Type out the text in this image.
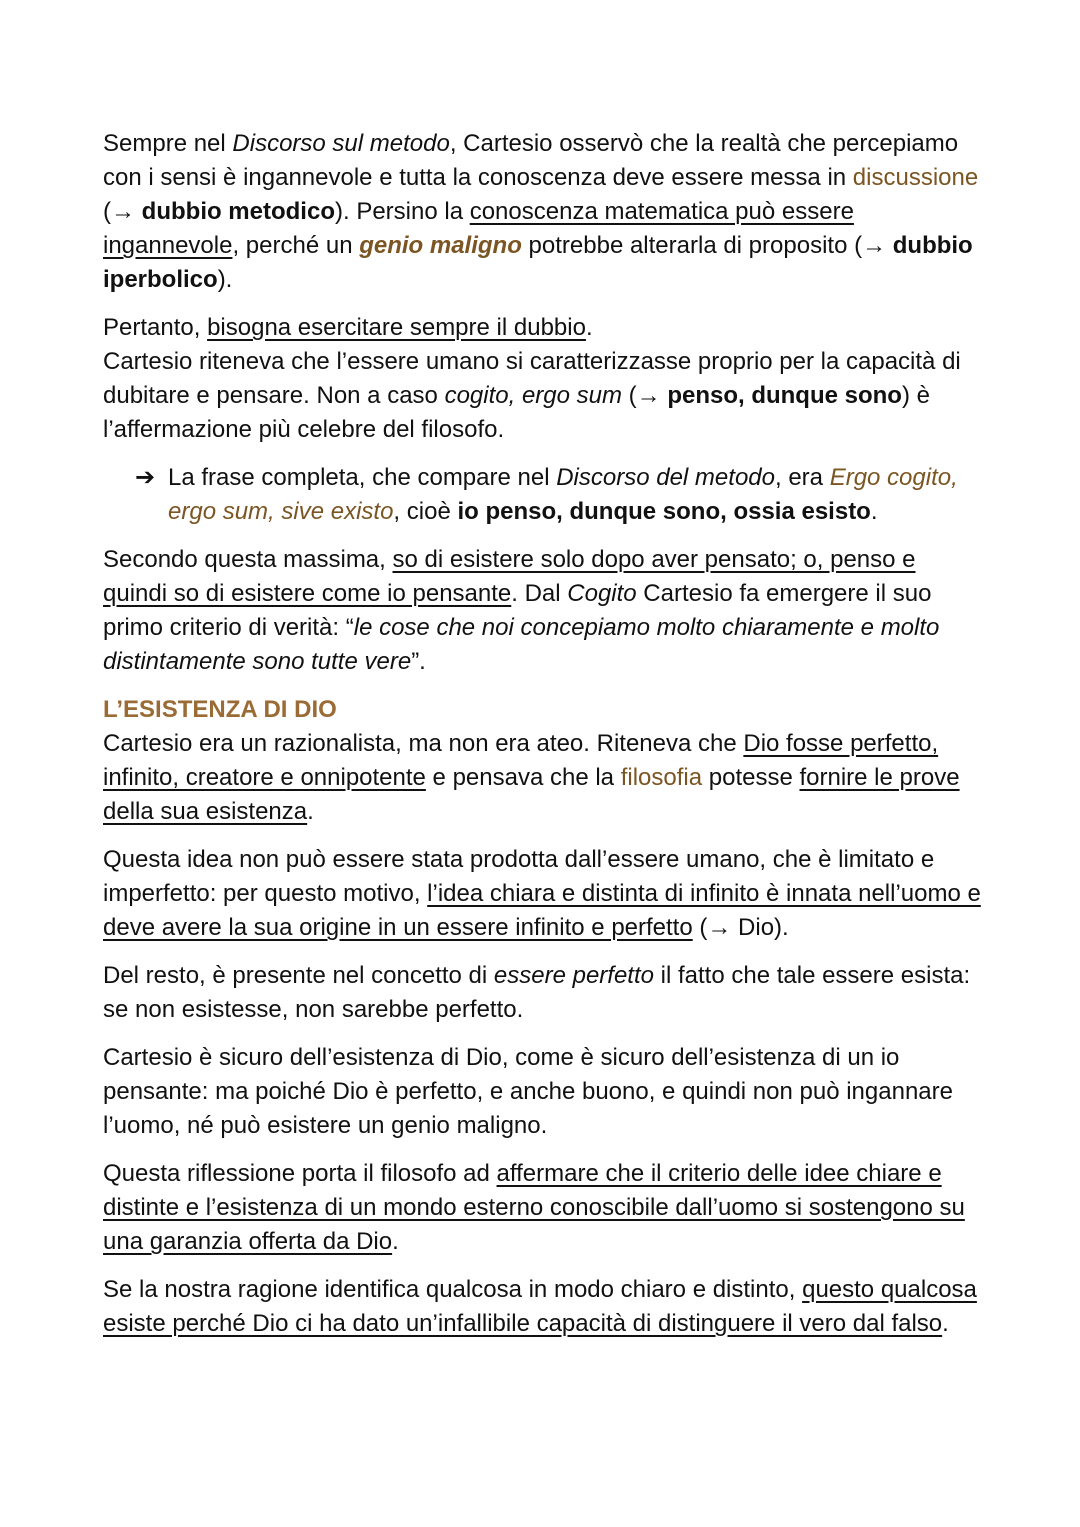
Sempre nel Discorso sul metodo, Cartesio osservò che la realtà che percepiamo con i sensi è ingannevole e tutta la conoscenza deve essere messa in discussione (→ dubbio metodico). Persino la conoscenza matematica può essere ingannevole, perché un genio maligno potrebbe alterarla di proposito (→ dubbio iperbolico).

Pertanto, bisogna esercitare sempre il dubbio.

Cartesio riteneva che l’essere umano si caratterizzasse proprio per la capacità di dubitare e pensare. Non a caso cogito, ergo sum (→ penso, dunque sono) è l’affermazione più celebre del filosofo.

➔ La frase completa, che compare nel Discorso del metodo, era Ergo cogito, ergo sum, sive existo, cioè io penso, dunque sono, ossia esisto.

Secondo questa massima, so di esistere solo dopo aver pensato; o, penso e quindi so di esistere come io pensante. Dal Cogito Cartesio fa emergere il suo primo criterio di verità: “le cose che noi concepiamo molto chiaramente e molto distintamente sono tutte vere”.

L’ESISTENZA DI DIO

Cartesio era un razionalista, ma non era ateo. Riteneva che Dio fosse perfetto, infinito, creatore e onnipotente e pensava che la filosofia potesse fornire le prove della sua esistenza.

Questa idea non può essere stata prodotta dall’essere umano, che è limitato e imperfetto: per questo motivo, l’idea chiara e distinta di infinito è innata nell’uomo e deve avere la sua origine in un essere infinito e perfetto (→ Dio).

Del resto, è presente nel concetto di essere perfetto il fatto che tale essere esista: se non esistesse, non sarebbe perfetto.

Cartesio è sicuro dell’esistenza di Dio, come è sicuro dell’esistenza di un io pensante: ma poiché Dio è perfetto, e anche buono, e quindi non può ingannare l’uomo, né può esistere un genio maligno.

Questa riflessione porta il filosofo ad affermare che il criterio delle idee chiare e distinte e l’esistenza di un mondo esterno conoscibile dall’uomo si sostengono su una garanzia offerta da Dio.

Se la nostra ragione identifica qualcosa in modo chiaro e distinto, questo qualcosa esiste perché Dio ci ha dato un’infallibile capacità di distinguere il vero dal falso.
